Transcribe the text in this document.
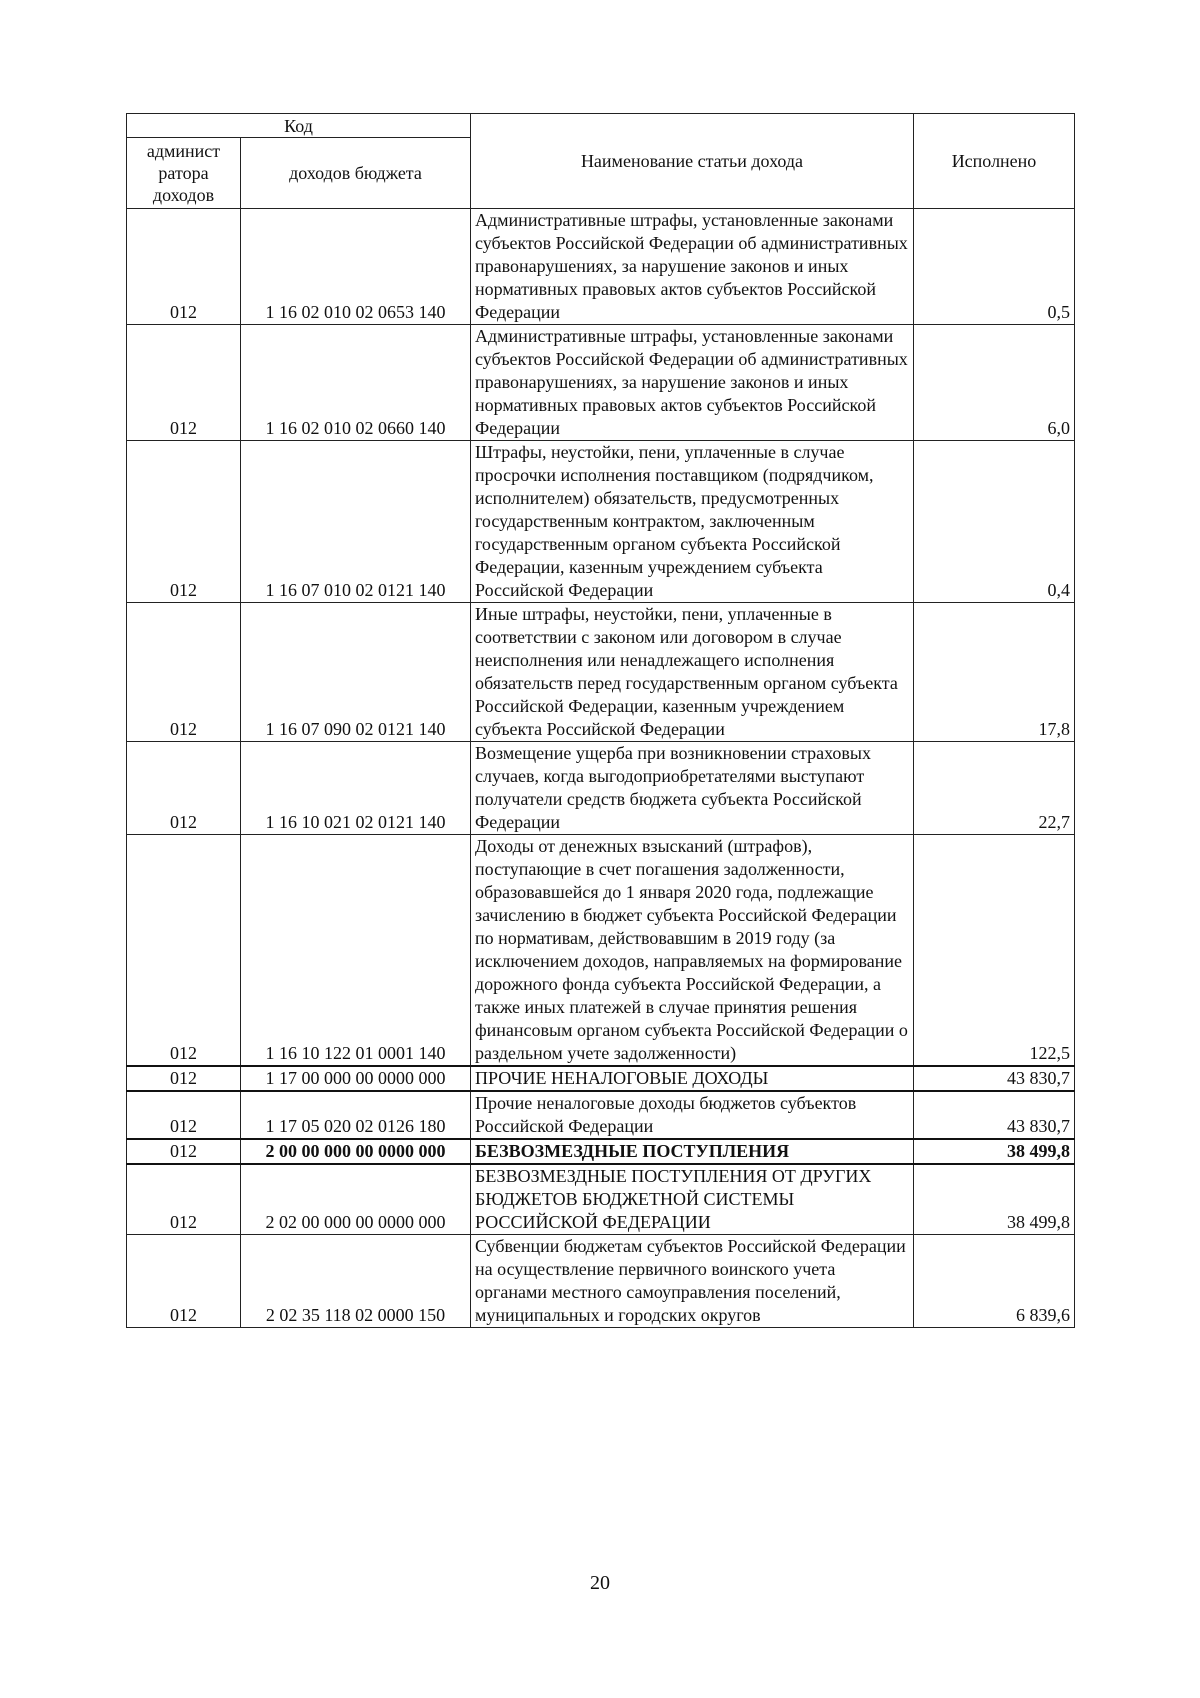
Код		Наименование статьи дохода	Исполнено

админист
ратора
доходов	доходов бюджета		
012	1 16 02 010 02 0653 140	Административные штрафы, установленные законами субъектов Российской Федерации об административных правонарушениях, за нарушение законов и иных нормативных правовых актов субъектов Российской Федерации	0,5
012	1 16 02 010 02 0660 140	Административные штрафы, установленные законами субъектов Российской Федерации об административных правонарушениях, за нарушение законов и иных нормативных правовых актов субъектов Российской Федерации	6,0
012	1 16 07 010 02 0121 140	Штрафы, неустойки, пени, уплаченные в случае просрочки исполнения поставщиком (подрядчиком, исполнителем) обязательств, предусмотренных государственным контрактом, заключенным государственным органом субъекта Российской Федерации, казенным учреждением субъекта Российской Федерации	0,4
012	1 16 07 090 02 0121 140	Иные штрафы, неустойки, пени, уплаченные в соответствии с законом или договором в случае неисполнения или ненадлежащего исполнения обязательств перед государственным органом субъекта Российской Федерации, казенным учреждением субъекта Российской Федерации	17,8
012	1 16 10 021 02 0121 140	Возмещение ущерба при возникновении страховых случаев, когда выгодоприобретателями выступают получатели средств бюджета субъекта Российской Федерации	22,7
012	1 16 10 122 01 0001 140	Доходы от денежных взысканий (штрафов), поступающие в счет погашения задолженности, образовавшейся до 1 января 2020 года, подлежащие зачислению в бюджет субъекта Российской Федерации по нормативам, действовавшим в 2019 году (за исключением доходов, направляемых на формирование дорожного фонда субъекта Российской Федерации, а также иных платежей в случае принятия решения финансовым органом субъекта Российской Федерации о раздельном учете задолженности)	122,5
012	1 17 00 000 00 0000 000	ПРОЧИЕ НЕНАЛОГОВЫЕ ДОХОДЫ	43 830,7
012	1 17 05 020 02 0126 180	Прочие неналоговые доходы бюджетов субъектов Российской Федерации	43 830,7
012	2 00 00 000 00 0000 000	БЕЗВОЗМЕЗДНЫЕ ПОСТУПЛЕНИЯ	38 499,8
012	2 02 00 000 00 0000 000	БЕЗВОЗМЕЗДНЫЕ ПОСТУПЛЕНИЯ ОТ ДРУГИХ БЮДЖЕТОВ БЮДЖЕТНОЙ СИСТЕМЫ РОССИЙСКОЙ ФЕДЕРАЦИИ	38 499,8
012	2 02 35 118 02 0000 150	Субвенции бюджетам субъектов Российской Федерации на осуществление первичного воинского учета органами местного самоуправления поселений, муниципальных и городских округов	6 839,6
20
